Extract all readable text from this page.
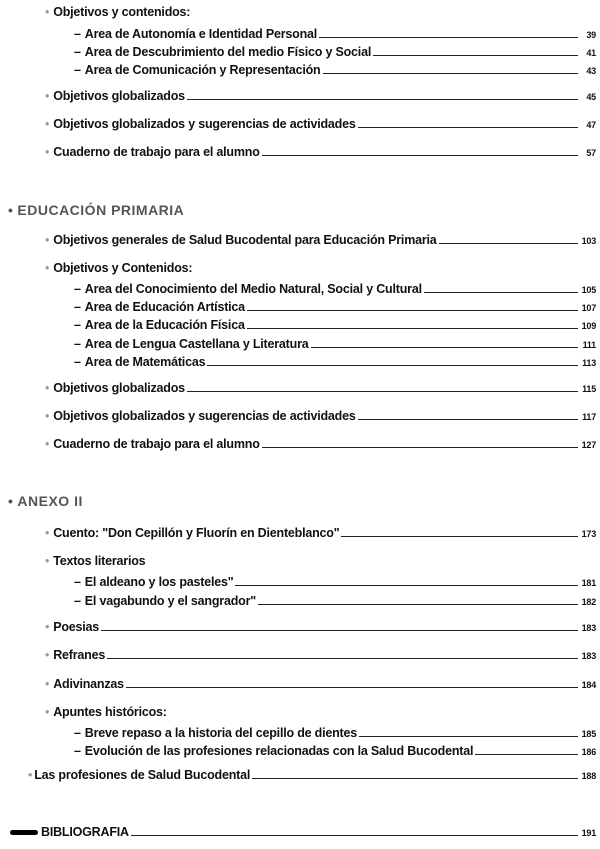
• Objetivos y contenidos:
– Area de Autonomía e Identidad Personal	39
– Area de Descubrimiento del medio Físico y Social	41
– Area de Comunicación y Representación	43
• Objetivos globalizados	45
• Objetivos globalizados y sugerencias de actividades	47
• Cuaderno de trabajo para el alumno	57
• EDUCACIÓN PRIMARIA
• Objetivos generales de Salud Bucodental para Educación Primaria	103
• Objetivos y Contenidos:
– Area del Conocimiento del Medio Natural, Social y Cultural	105
– Area de Educación Artística	107
– Area de la Educación Física	109
– Area de Lengua Castellana y Literatura	111
– Area de Matemáticas	113
• Objetivos globalizados	115
• Objetivos globalizados y sugerencias de actividades	117
• Cuaderno de trabajo para el alumno	127
• ANEXO II
• Cuento: "Don Cepillón y Fluorín en Dienteblanco"	173
• Textos literarios
– El aldeano y los pasteles"	181
– El vagabundo y el sangrador"	182
• Poesias	183
• Refranes	183
• Adivinanzas	184
• Apuntes históricos:
– Breve repaso a la historia del cepillo de dientes	185
– Evolución de las profesiones relacionadas con la Salud Bucodental	186
• Las profesiones de Salud Bucodental	188
BIBLIOGRAFIA	191
